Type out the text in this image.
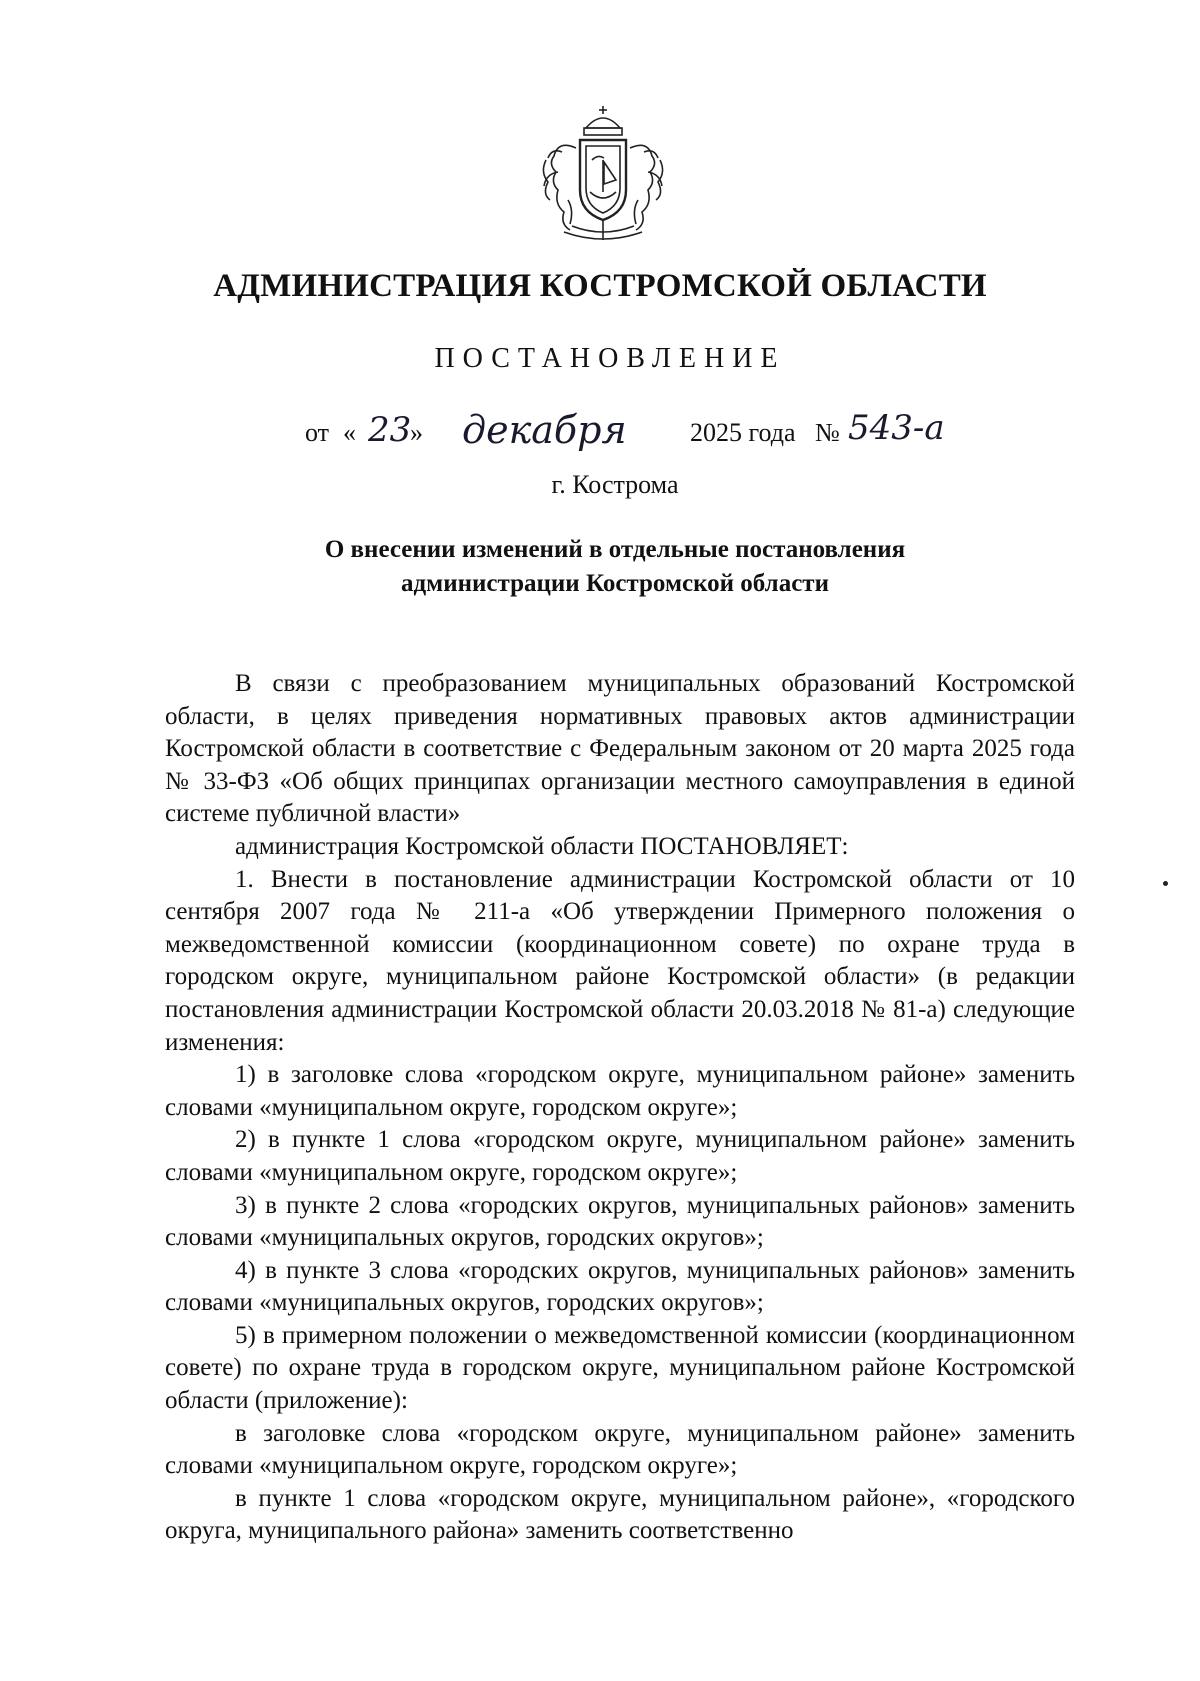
АДМИНИСТРАЦИЯ КОСТРОМСКОЙ ОБЛАСТИ
ПОСТАНОВЛЕНИЕ
от « 23
» декабря 2025 года № 543-а
г. Кострома
О внесении изменений в отдельные постановления
администрации Костромской области

В связи с преобразованием муниципальных образований Костромской области, в целях приведения нормативных правовых актов администрации Костромской области в соответствие с Федеральным законом от 20 марта 2025 года № 33-ФЗ «Об общих принципах организации местного самоуправления в единой системе публичной власти»

администрация Костромской области ПОСТАНОВЛЯЕТ:

1. Внести в постановление администрации Костромской области от 10 сентября 2007 года № 211-а «Об утверждении Примерного положения о межведомственной комиссии (координационном совете) по охране труда в городском округе, муниципальном районе Костромской области» (в редакции постановления администрации Костромской области 20.03.2018 № 81-а) следующие изменения:

1) в заголовке слова «городском округе, муниципальном районе» заменить словами «муниципальном округе, городском округе»;

2) в пункте 1 слова «городском округе, муниципальном районе» заменить словами «муниципальном округе, городском округе»;

3) в пункте 2 слова «городских округов, муниципальных районов» заменить словами «муниципальных округов, городских округов»;

4) в пункте 3 слова «городских округов, муниципальных районов» заменить словами «муниципальных округов, городских округов»;

5) в примерном положении о межведомственной комиссии (координационном совете) по охране труда в городском округе, муниципальном районе Костромской области (приложение):

в заголовке слова «городском округе, муниципальном районе» заменить словами «муниципальном округе, городском округе»;

в пункте 1 слова «городском округе, муниципальном районе», «городского округа, муниципального района» заменить соответственно
